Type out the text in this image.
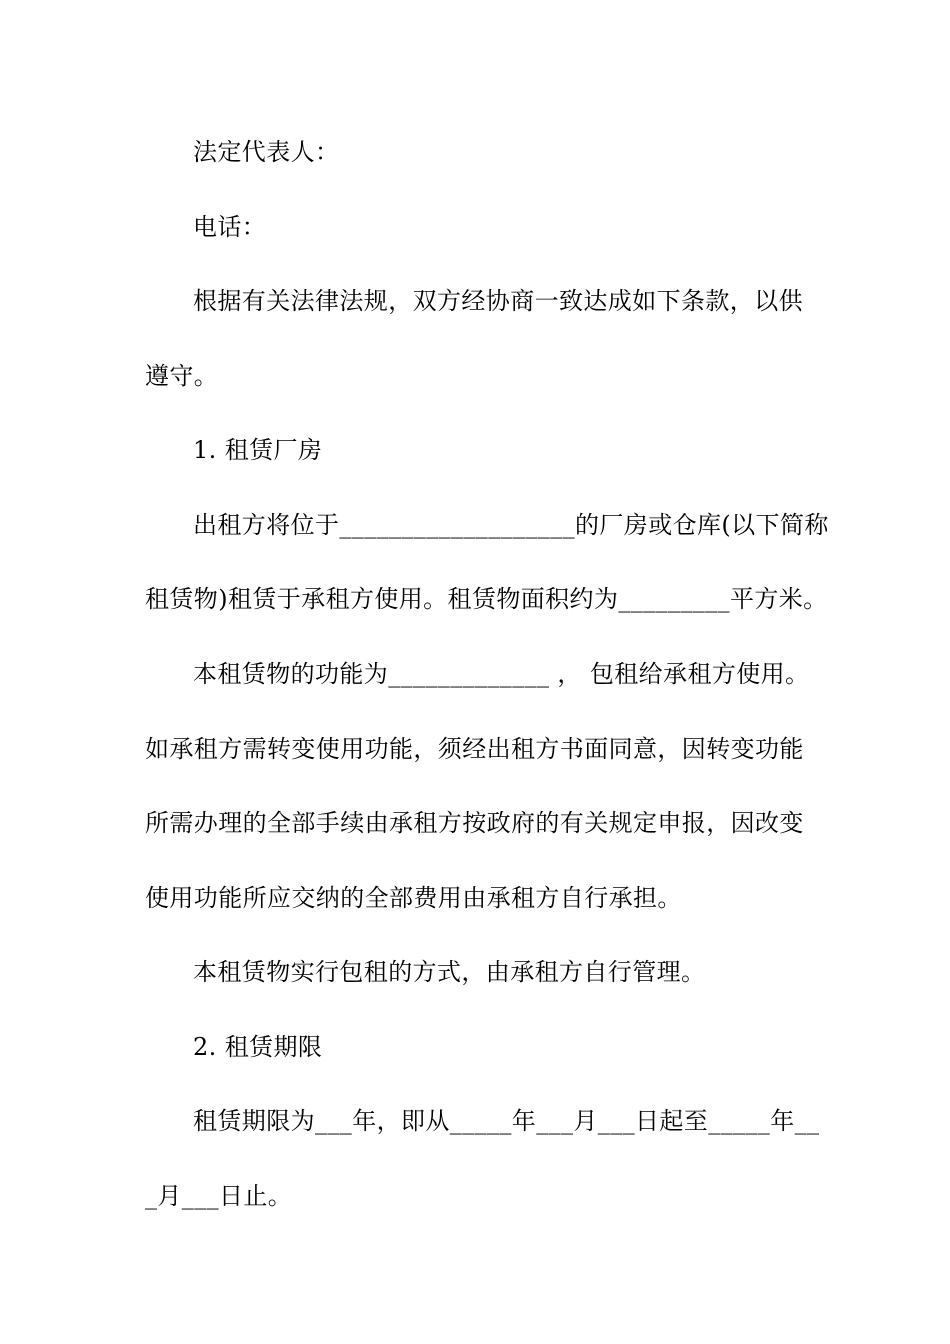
法定代表人：
电话：
根据有关法律法规，双方经协商一致达成如下条款，以供
遵守。
1. 租赁厂房
出租方将位于___________________的厂房或仓库(以下简称
租赁物)租赁于承租方使用。租赁物面积约为_________平方米。
本租赁物的功能为_____________ ， 包租给承租方使用。
如承租方需转变使用功能，须经出租方书面同意，因转变功能
所需办理的全部手续由承租方按政府的有关规定申报，因改变
使用功能所应交纳的全部费用由承租方自行承担。
本租赁物实行包租的方式，由承租方自行管理。
2. 租赁期限
租赁期限为___年，即从_____年___月___日起至_____年__
_月___日止。
